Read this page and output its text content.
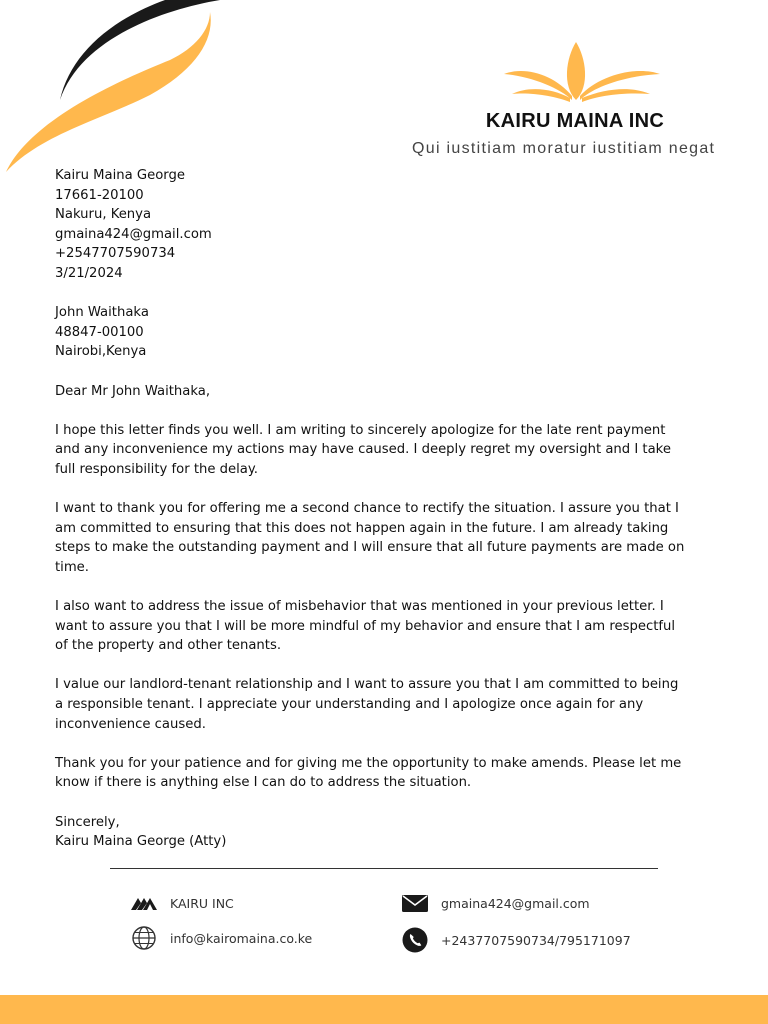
KAIRU MAINA INC
Qui iustitiam moratur iustitiam negat
Kairu Maina George
17661-20100
Nakuru, Kenya
gmaina424@gmail.com
+2547707590734
3/21/2024
John Waithaka
48847-00100
Nairobi,Kenya

Dear Mr John Waithaka,

I hope this letter finds you well. I am writing to sincerely apologize for the late rent payment and any inconvenience my actions may have caused. I deeply regret my oversight and I take full responsibility for the delay.

I want to thank you for offering me a second chance to rectify the situation. I assure you that I am committed to ensuring that this does not happen again in the future. I am already taking steps to make the outstanding payment and I will ensure that all future payments are made on time.

I also want to address the issue of misbehavior that was mentioned in your previous letter. I want to assure you that I will be more mindful of my behavior and ensure that I am respectful of the property and other tenants.

I value our landlord-tenant relationship and I want to assure you that I am committed to being a responsible tenant. I appreciate your understanding and I apologize once again for any inconvenience caused.

Thank you for your patience and for giving me the opportunity to make amends. Please let me know if there is anything else I can do to address the situation.

Sincerely,
Kairu Maina George (Atty)
KAIRU INC
info@kairomaina.co.ke
gmaina424@gmail.com
+2437707590734/795171097
